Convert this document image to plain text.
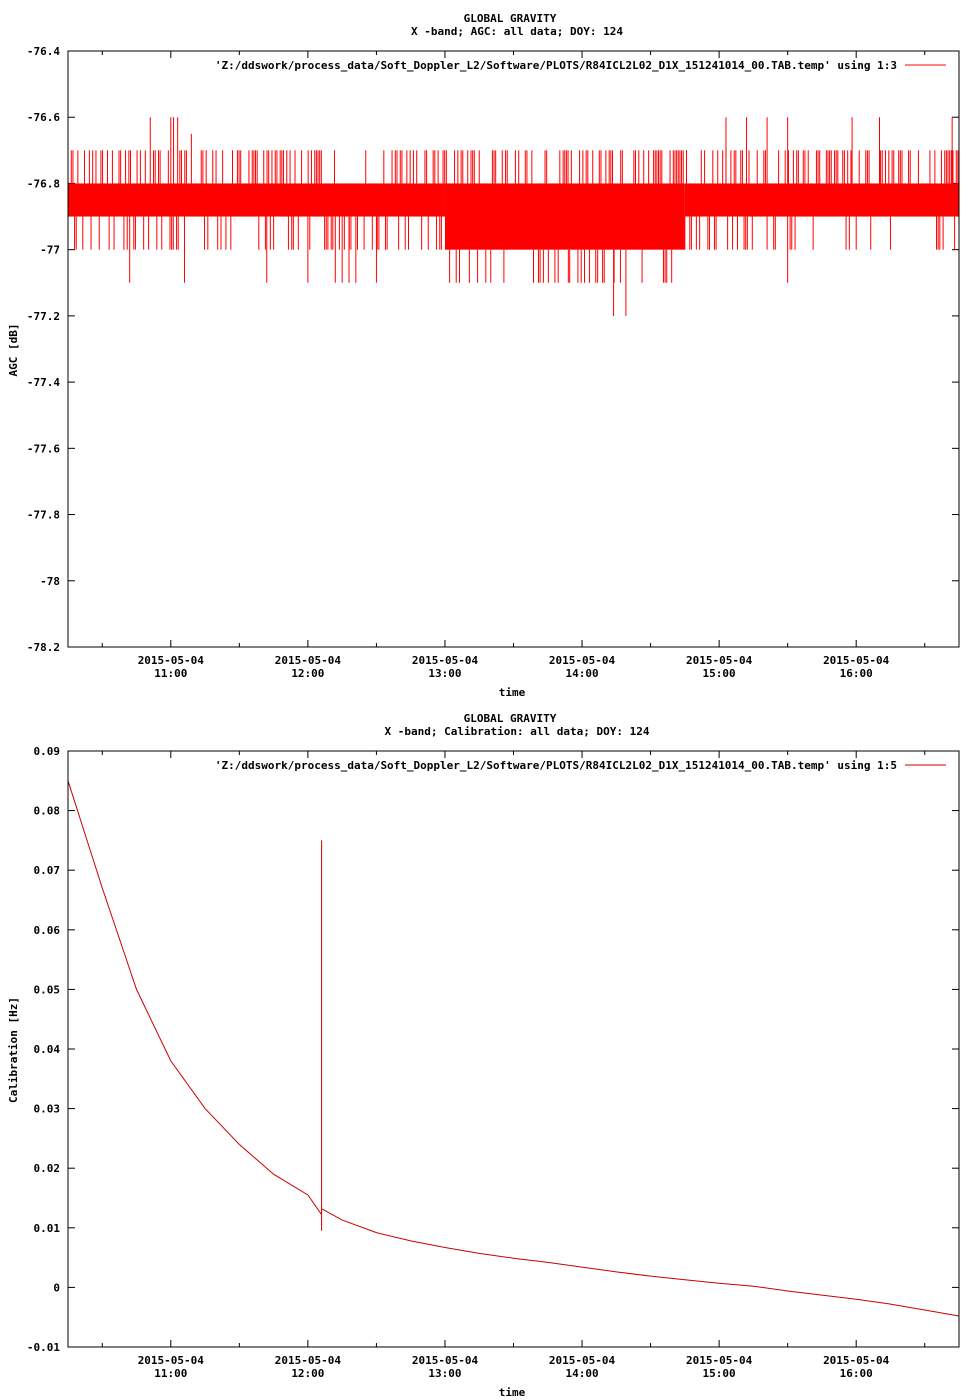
GLOBAL GRAVITY
X -band; AGC: all data; DOY: 124
time
AGC [dB]
-76.4
-76.6
-76.8
-77
-77.2
-77.4
-77.6
-77.8
-78
-78.2
2015-05-04
11:00
2015-05-04
12:00
2015-05-04
13:00
2015-05-04
14:00
2015-05-04
15:00
2015-05-04
16:00
'Z:/ddswork/process_data/Soft_Doppler_L2/Software/PLOTS/R84ICL2L02_D1X_151241014_00.TAB.temp' using 1:3
GLOBAL GRAVITY
X -band; Calibration: all data; DOY: 124
time
Calibration [Hz]
0.09
0.08
0.07
0.06
0.05
0.04
0.03
0.02
0.01
0
-0.01
2015-05-04
11:00
2015-05-04
12:00
2015-05-04
13:00
2015-05-04
14:00
2015-05-04
15:00
2015-05-04
16:00
'Z:/ddswork/process_data/Soft_Doppler_L2/Software/PLOTS/R84ICL2L02_D1X_151241014_00.TAB.temp' using 1:5
